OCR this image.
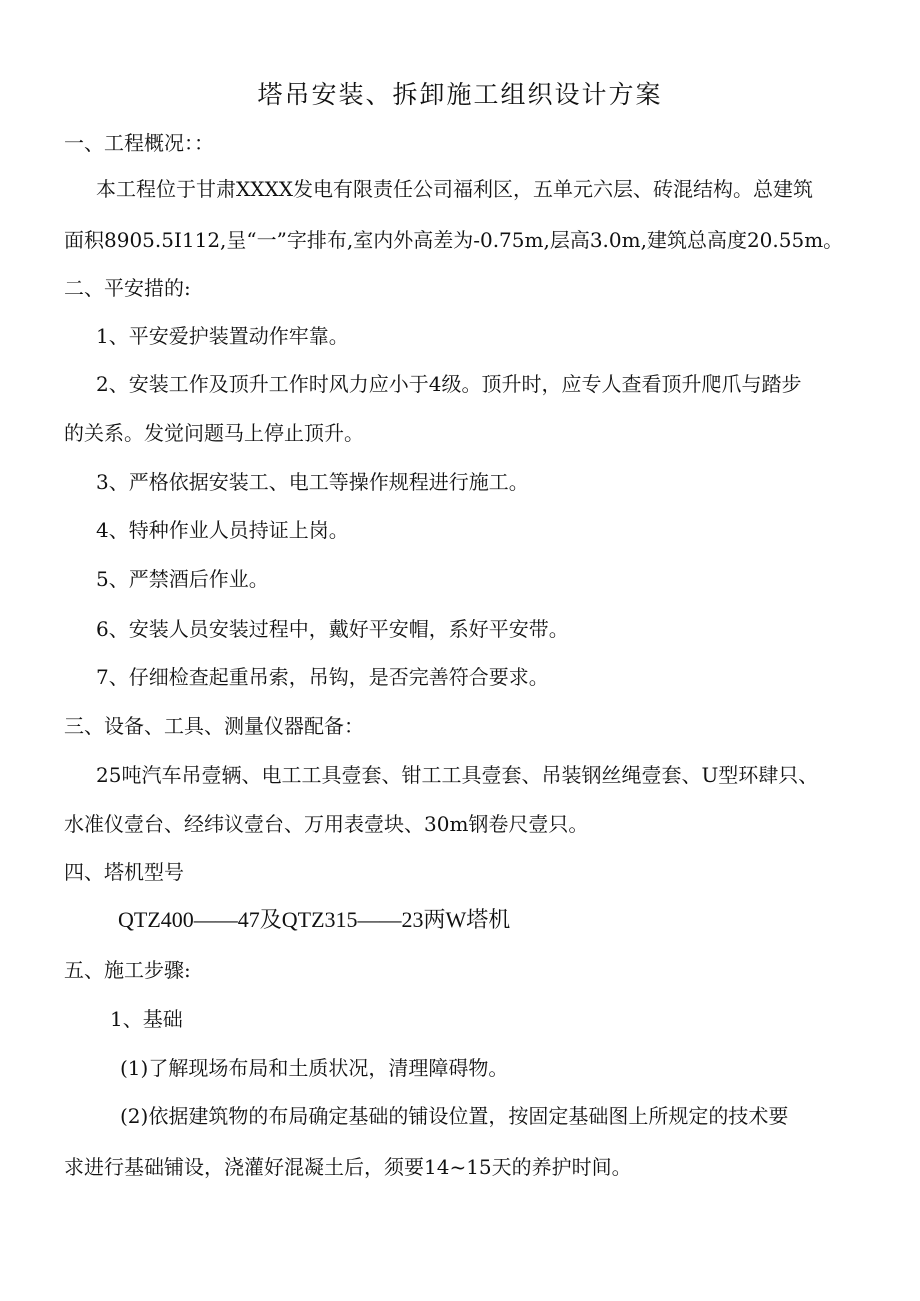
塔吊安装、拆卸施工组织设计方案
一、工程概况：：
本工程位于甘肃XXXX发电有限责任公司福利区，五单元六层、砖混结构。总建筑
面积8905.5I112,呈“一”字排布,室内外高差为-0.75m,层高3.0m,建筑总高度20.55m。
二、平安措的:
1、平安爱护装置动作牢靠。
2、安装工作及顶升工作时风力应小于4级。顶升时，应专人查看顶升爬爪与踏步
的关系。发觉问题马上停止顶升。
3、严格依据安装工、电工等操作规程进行施工。
4、特种作业人员持证上岗。
5、严禁酒后作业。
6、安装人员安装过程中，戴好平安帽，系好平安带。
7、仔细检查起重吊索，吊钩，是否完善符合要求。
三、设备、工具、测量仪器配备：
25吨汽车吊壹辆、电工工具壹套、钳工工具壹套、吊装钢丝绳壹套、U型环肆只、
水准仪壹台、经纬议壹台、万用表壹块、30m钢卷尺壹只。
四、塔机型号
QTZ400——47及QTZ315——23两W塔机
五、施工步骤:
1、基础
(1)了解现场布局和土质状况，清理障碍物。
(2)依据建筑物的布局确定基础的铺设位置，按固定基础图上所规定的技术要
求进行基础铺设，浇灌好混凝土后，须要14~15天的养护时间。
